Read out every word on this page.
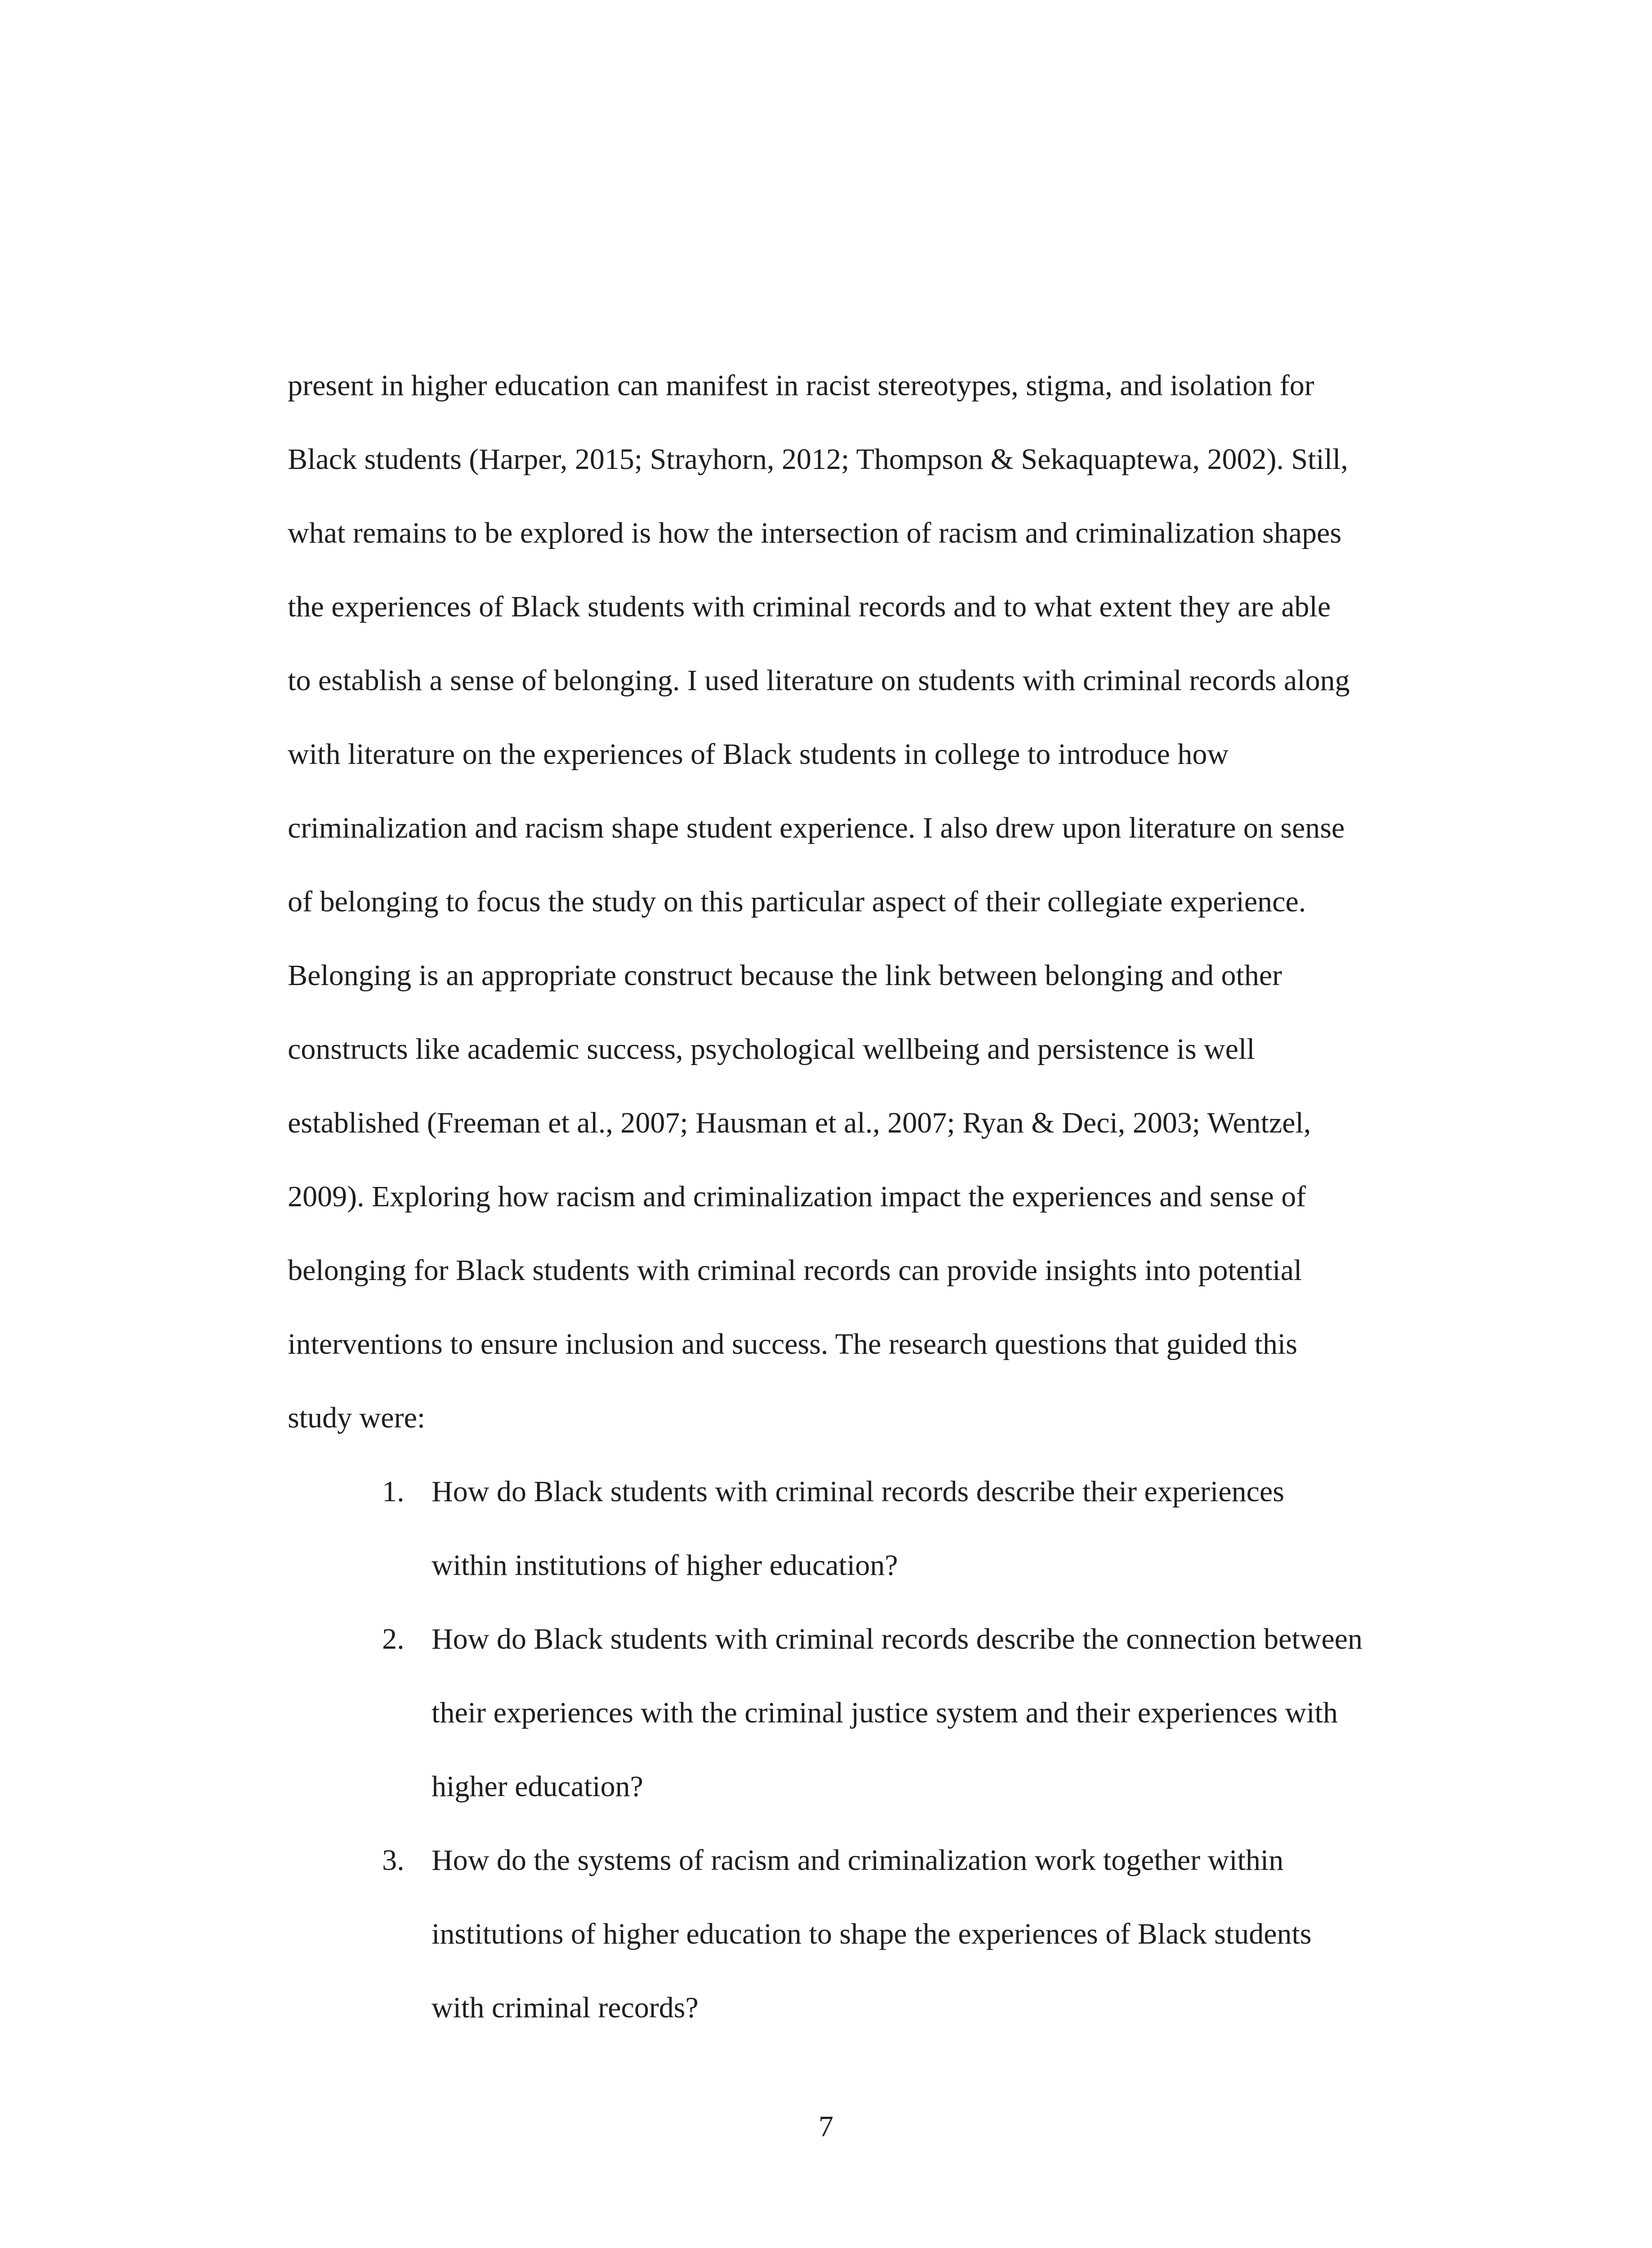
present in higher education can manifest in racist stereotypes, stigma, and isolation for

Black students (Harper, 2015; Strayhorn, 2012; Thompson & Sekaquaptewa, 2002). Still,

what remains to be explored is how the intersection of racism and criminalization shapes

the experiences of Black students with criminal records and to what extent they are able

to establish a sense of belonging. I used literature on students with criminal records along

with literature on the experiences of Black students in college to introduce how

criminalization and racism shape student experience. I also drew upon literature on sense

of belonging to focus the study on this particular aspect of their collegiate experience.

Belonging is an appropriate construct because the link between belonging and other

constructs like academic success, psychological wellbeing and persistence is well

established (Freeman et al., 2007; Hausman et al., 2007; Ryan & Deci, 2003; Wentzel,

2009). Exploring how racism and criminalization impact the experiences and sense of

belonging for Black students with criminal records can provide insights into potential

interventions to ensure inclusion and success. The research questions that guided this

study were:

1. How do Black students with criminal records describe their experiences
within institutions of higher education?
2. How do Black students with criminal records describe the connection between
their experiences with the criminal justice system and their experiences with
higher education?
3. How do the systems of racism and criminalization work together within
institutions of higher education to shape the experiences of Black students
with criminal records?
7
